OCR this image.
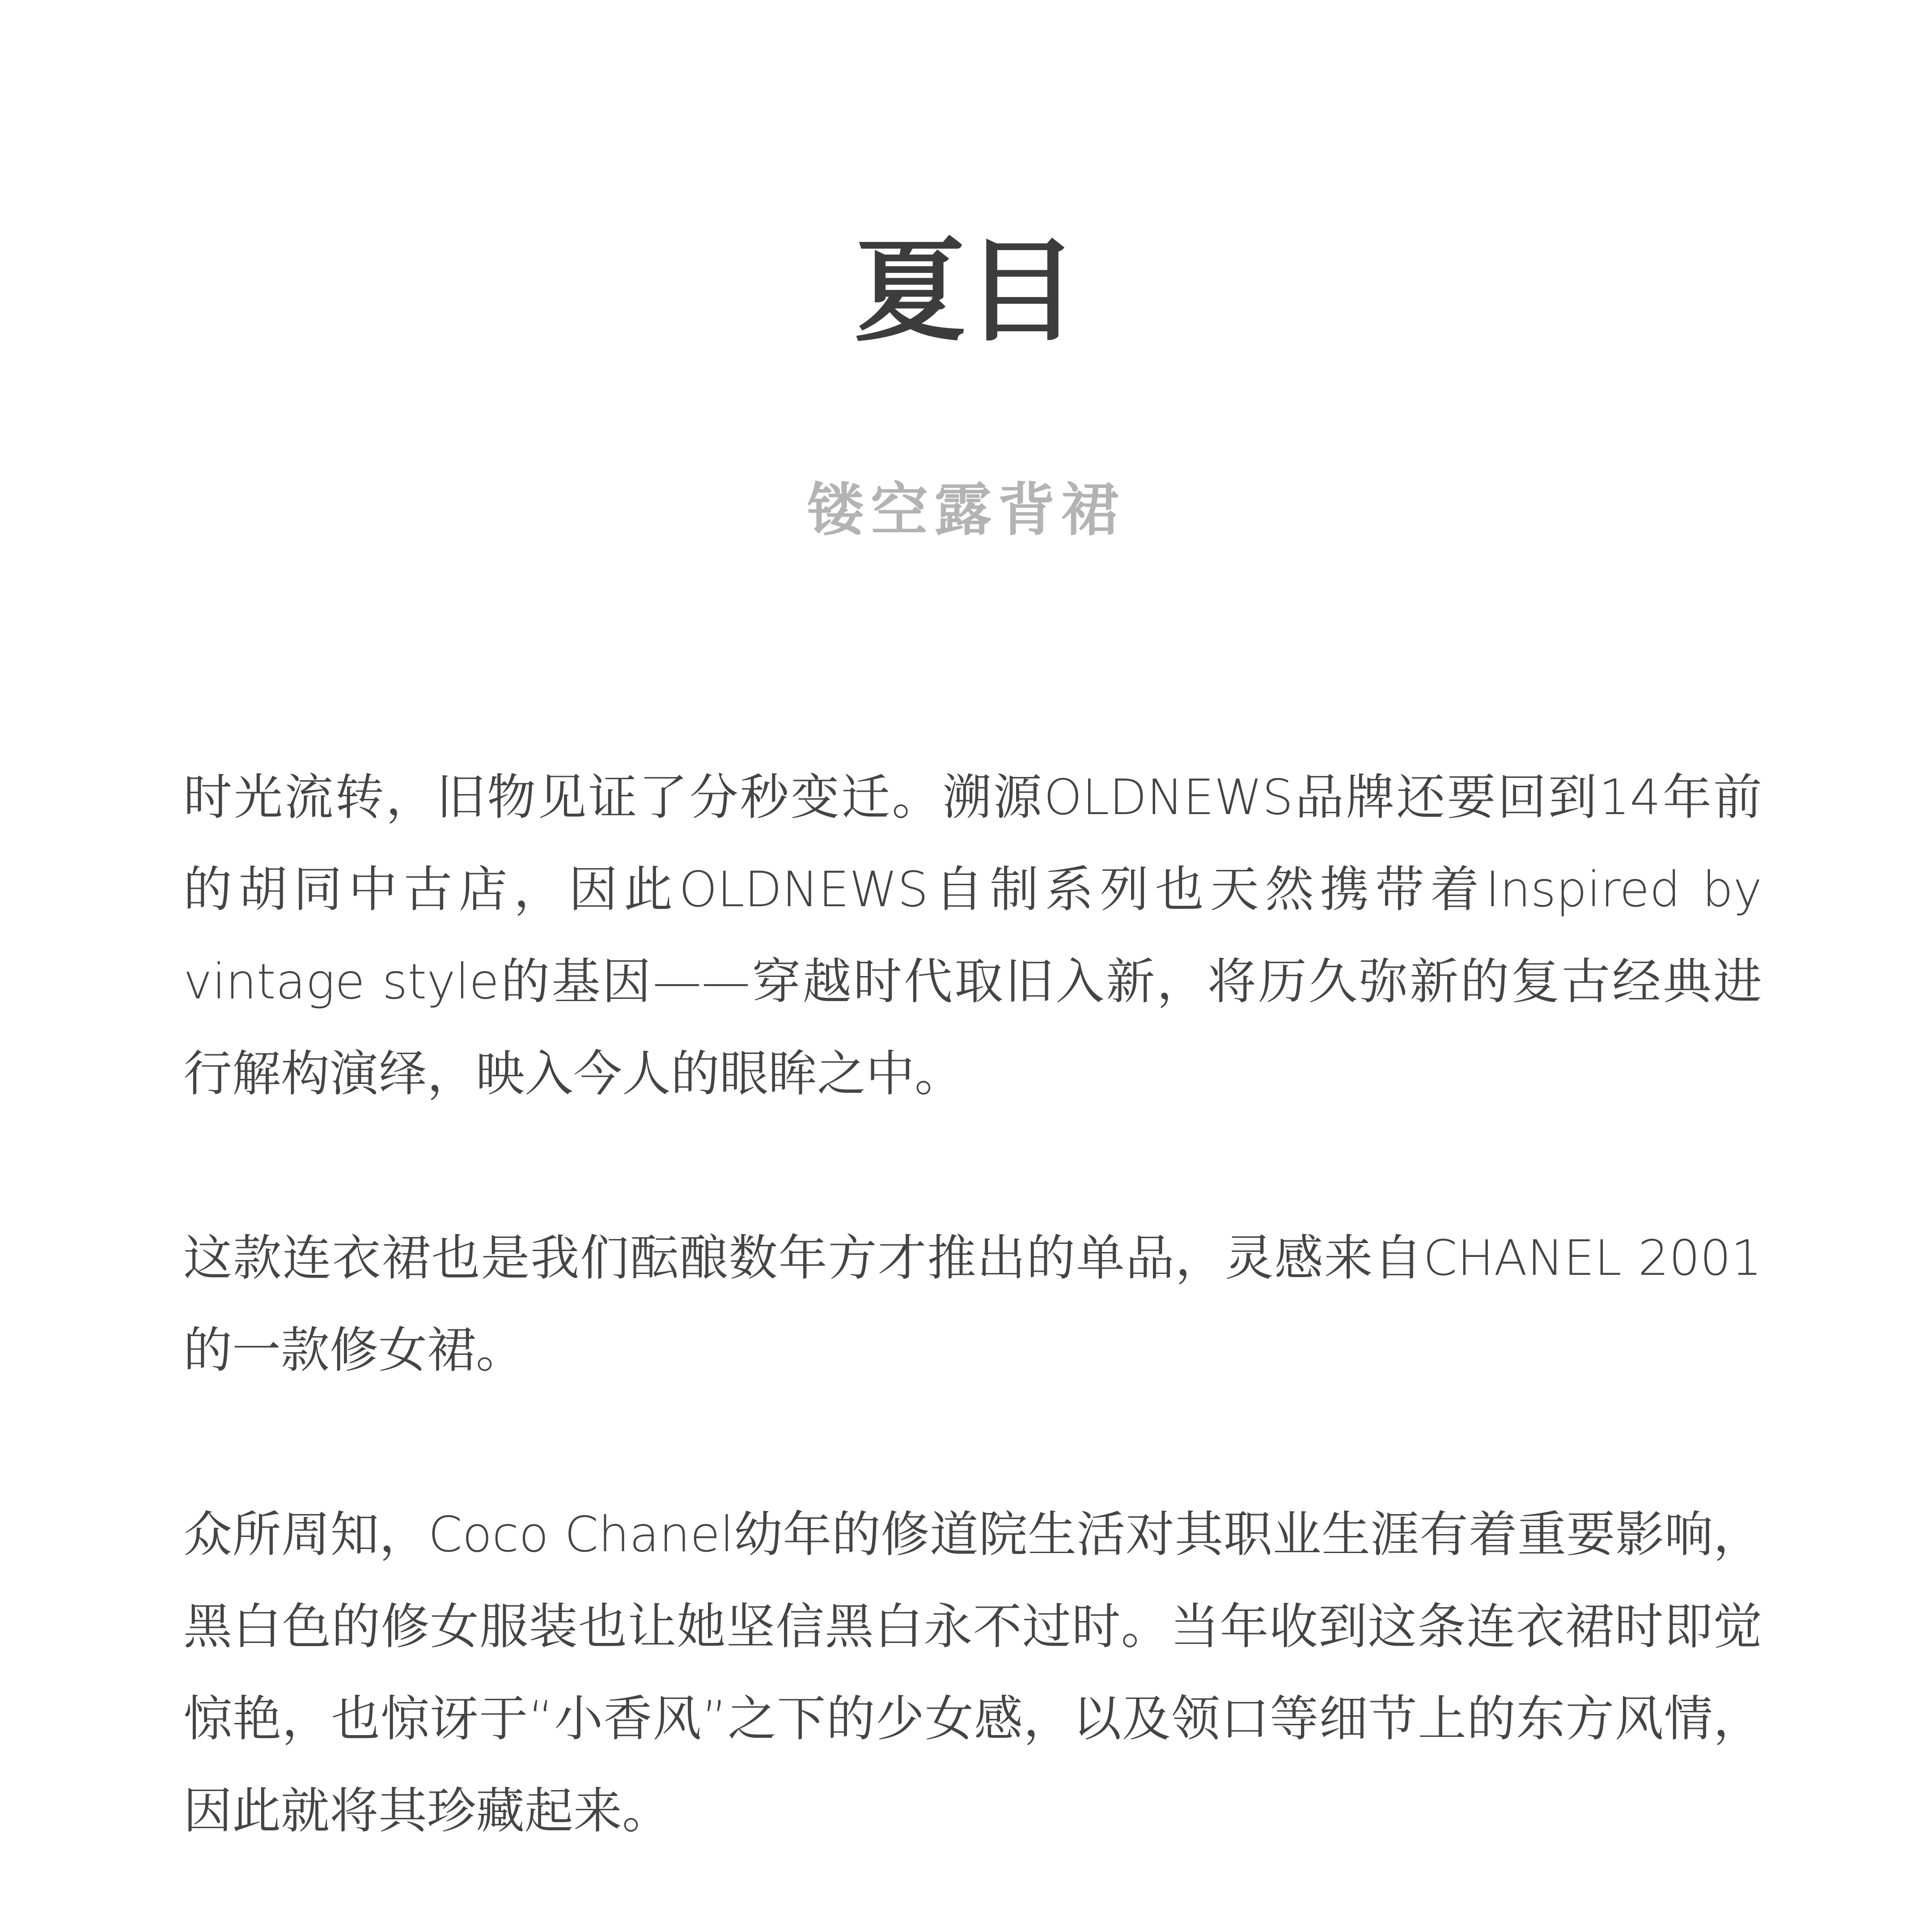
夏目
镂空露背裙

时光流转，旧物见证了分秒变迁。溯源OLDNEWS品牌还要回到14年前的胡同中古店，因此OLDNEWS自制系列也天然携带着Inspired by vintage style的基因——穿越时代取旧入新，将历久弥新的复古经典进行解构演绎，映入今人的眼眸之中。

这款连衣裙也是我们酝酿数年方才推出的单品，灵感来自CHANEL 2001的一款修女裙。

众所周知，Coco Chanel幼年的修道院生活对其职业生涯有着重要影响，黑白色的修女服装也让她坚信黑白永不过时。当年收到这条连衣裙时即觉惊艳，也惊讶于“小香风”之下的少女感，以及领口等细节上的东方风情，因此就将其珍藏起来。
